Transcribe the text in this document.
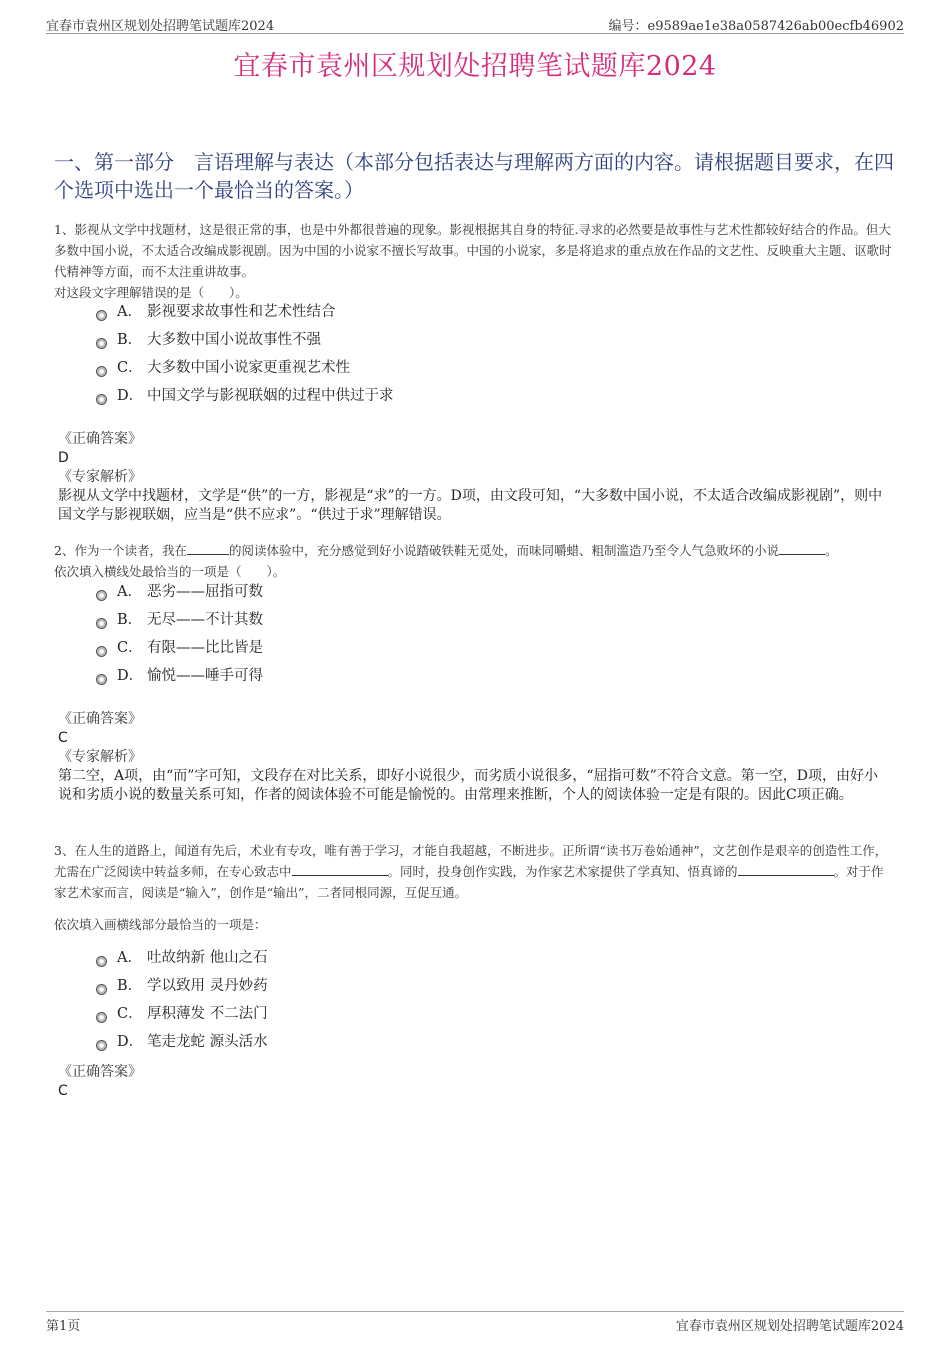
宜春市袁州区规划处招聘笔试题库2024	编号：e9589ae1e38a0587426ab00ecfb46902
宜春市袁州区规划处招聘笔试题库2024
一、第一部分　言语理解与表达（本部分包括表达与理解两方面的内容。请根据题目要求，在四个选项中选出一个最恰当的答案。）

1、影视从文学中找题材，这是很正常的事，也是中外都很普遍的现象。影视根据其自身的特征.寻求的必然要是故事性与艺术性都较好结合的作品。但大多数中国小说，不太适合改编成影视剧。因为中国的小说家不擅长写故事。中国的小说家，多是将追求的重点放在作品的文艺性、反映重大主题、讴歌时代精神等方面，而不太注重讲故事。

对这段文字理解错误的是（　　）。

A． 影视要求故事性和艺术性结合
B． 大多数中国小说故事性不强
C． 大多数中国小说家更重视艺术性
D． 中国文学与影视联姻的过程中供过于求
《正确答案》
D
《专家解析》
影视从文学中找题材，文学是“供”的一方，影视是“求”的一方。D项，由文段可知，“大多数中国小说，不太适合改编成影视剧”，则中国文学与影视联姻，应当是“供不应求”。“供过于求”理解错误。
2、作为一个读者，我在	的阅读体验中，充分感觉到好小说踏破铁鞋无觅处，而味同嚼蜡、粗制滥造乃至令人气急败坏的小说	。
依次填入横线处最恰当的一项是（　　）。
A． 恶劣——屈指可数
B． 无尽——不计其数
C． 有限——比比皆是
D． 愉悦——唾手可得
《正确答案》
C
《专家解析》
第二空，A项，由“而”字可知，文段存在对比关系，即好小说很少，而劣质小说很多，“屈指可数”不符合文意。第一空，D项，由好小说和劣质小说的数量关系可知，作者的阅读体验不可能是愉悦的。由常理来推断，个人的阅读体验一定是有限的。因此C项正确。
3、在人生的道路上，闻道有先后，术业有专攻，唯有善于学习，才能自我超越，不断进步。正所谓“读书万卷始通神”，文艺创作是艰辛的创造性工作，尤需在广泛阅读中转益多师，在专心致志中	。同时，投身创作实践，为作家艺术家提供了学真知、悟真谛的	。对于作家艺术家而言，阅读是“输入”，创作是“输出”，二者同根同源，互促互通。
依次填入画横线部分最恰当的一项是：
A． 吐故纳新 他山之石
B． 学以致用 灵丹妙药
C． 厚积薄发 不二法门
D． 笔走龙蛇 源头活水
《正确答案》
C
第1页	宜春市袁州区规划处招聘笔试题库2024
